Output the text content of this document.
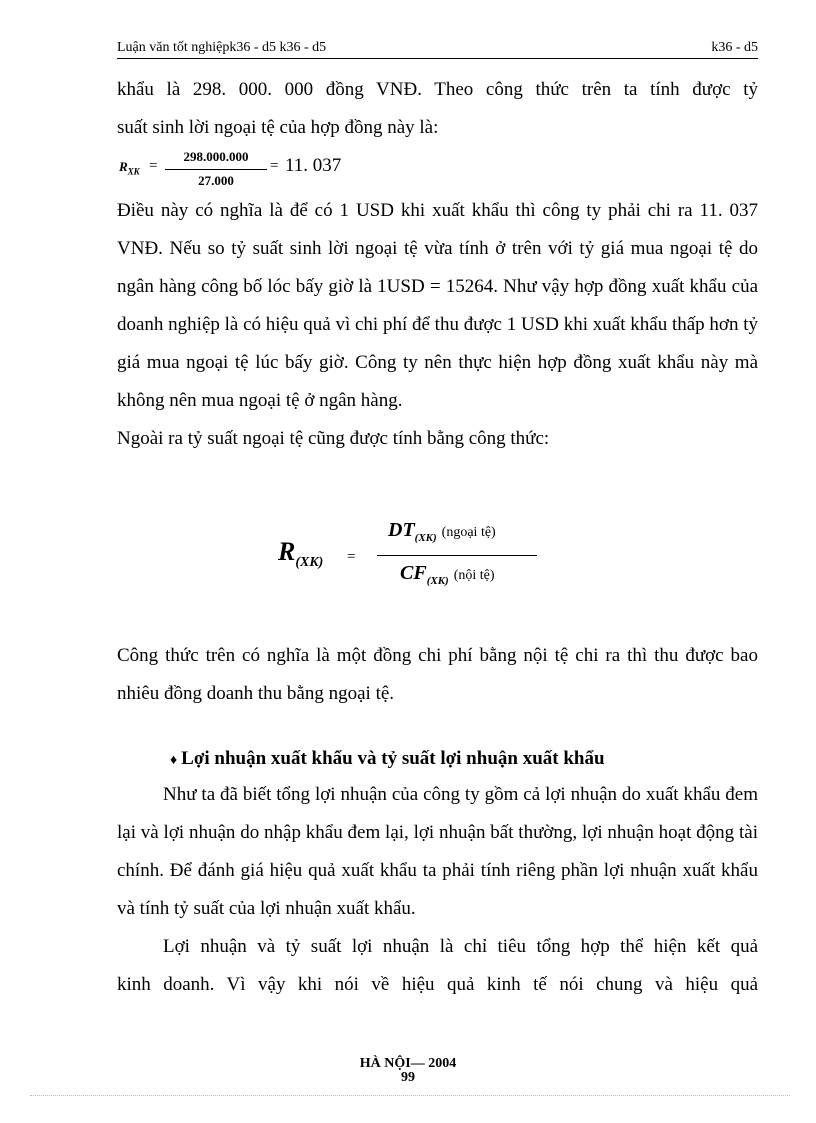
Luận văn tốt nghiệpk36 - d5 k36 - d5	k36 - d5

khẩu là 298. 000. 000 đồng VNĐ. Theo công thức trên ta tính được tỷ

suất sinh lời ngoại tệ của hợp đồng này là:

$R_{XK}$ =
298.000.000
27.000
= 11. 037

Điều này có nghĩa là để có 1 USD khi xuất khẩu thì công ty phải chi ra 11. 037 VNĐ. Nếu so tỷ suất sinh lời ngoại tệ vừa tính ở trên với tỷ giá mua ngoại tệ do ngân hàng công bố lóc bấy giờ là 1USD = 15264. Như vậy hợp đồng xuất khẩu của doanh nghiệp là có hiệu quả vì chi phí để thu được 1 USD khi xuất khẩu thấp hơn tỷ giá mua ngoại tệ lúc bấy giờ. Công ty nên thực hiện hợp đồng xuất khẩu này mà không nên mua ngoại tệ ở ngân hàng.

Ngoài ra tỷ suất ngoại tệ cũng được tính bằng công thức:

$R_{(XK)}$ =
$DT_{(XK)}$ (ngoại tệ)
$CF_{(XK)}$ (nội tệ)

Công thức trên có nghĩa là một đồng chi phí bằng nội tệ chi ra thì thu được bao nhiêu đồng doanh thu bằng ngoại tệ.

♦ Lợi nhuận xuất khẩu và tỷ suất lợi nhuận xuất khẩu

Như ta đã biết tổng lợi nhuận của công ty gồm cả lợi nhuận do xuất khẩu đem lại và lợi nhuận do nhập khẩu đem lại, lợi nhuận bất thường, lợi nhuận hoạt động tài chính. Để đánh giá hiệu quả xuất khẩu ta phải tính riêng phần lợi nhuận xuất khẩu và tính tỷ suất của lợi nhuận xuất khẩu.

Lợi nhuận và tỷ suất lợi nhuận là chỉ tiêu tổng hợp thể hiện kết quả

kinh doanh. Vì vậy khi nói về hiệu quả kinh tế nói chung và hiệu quả

HÀ NỘI— 2004
99
